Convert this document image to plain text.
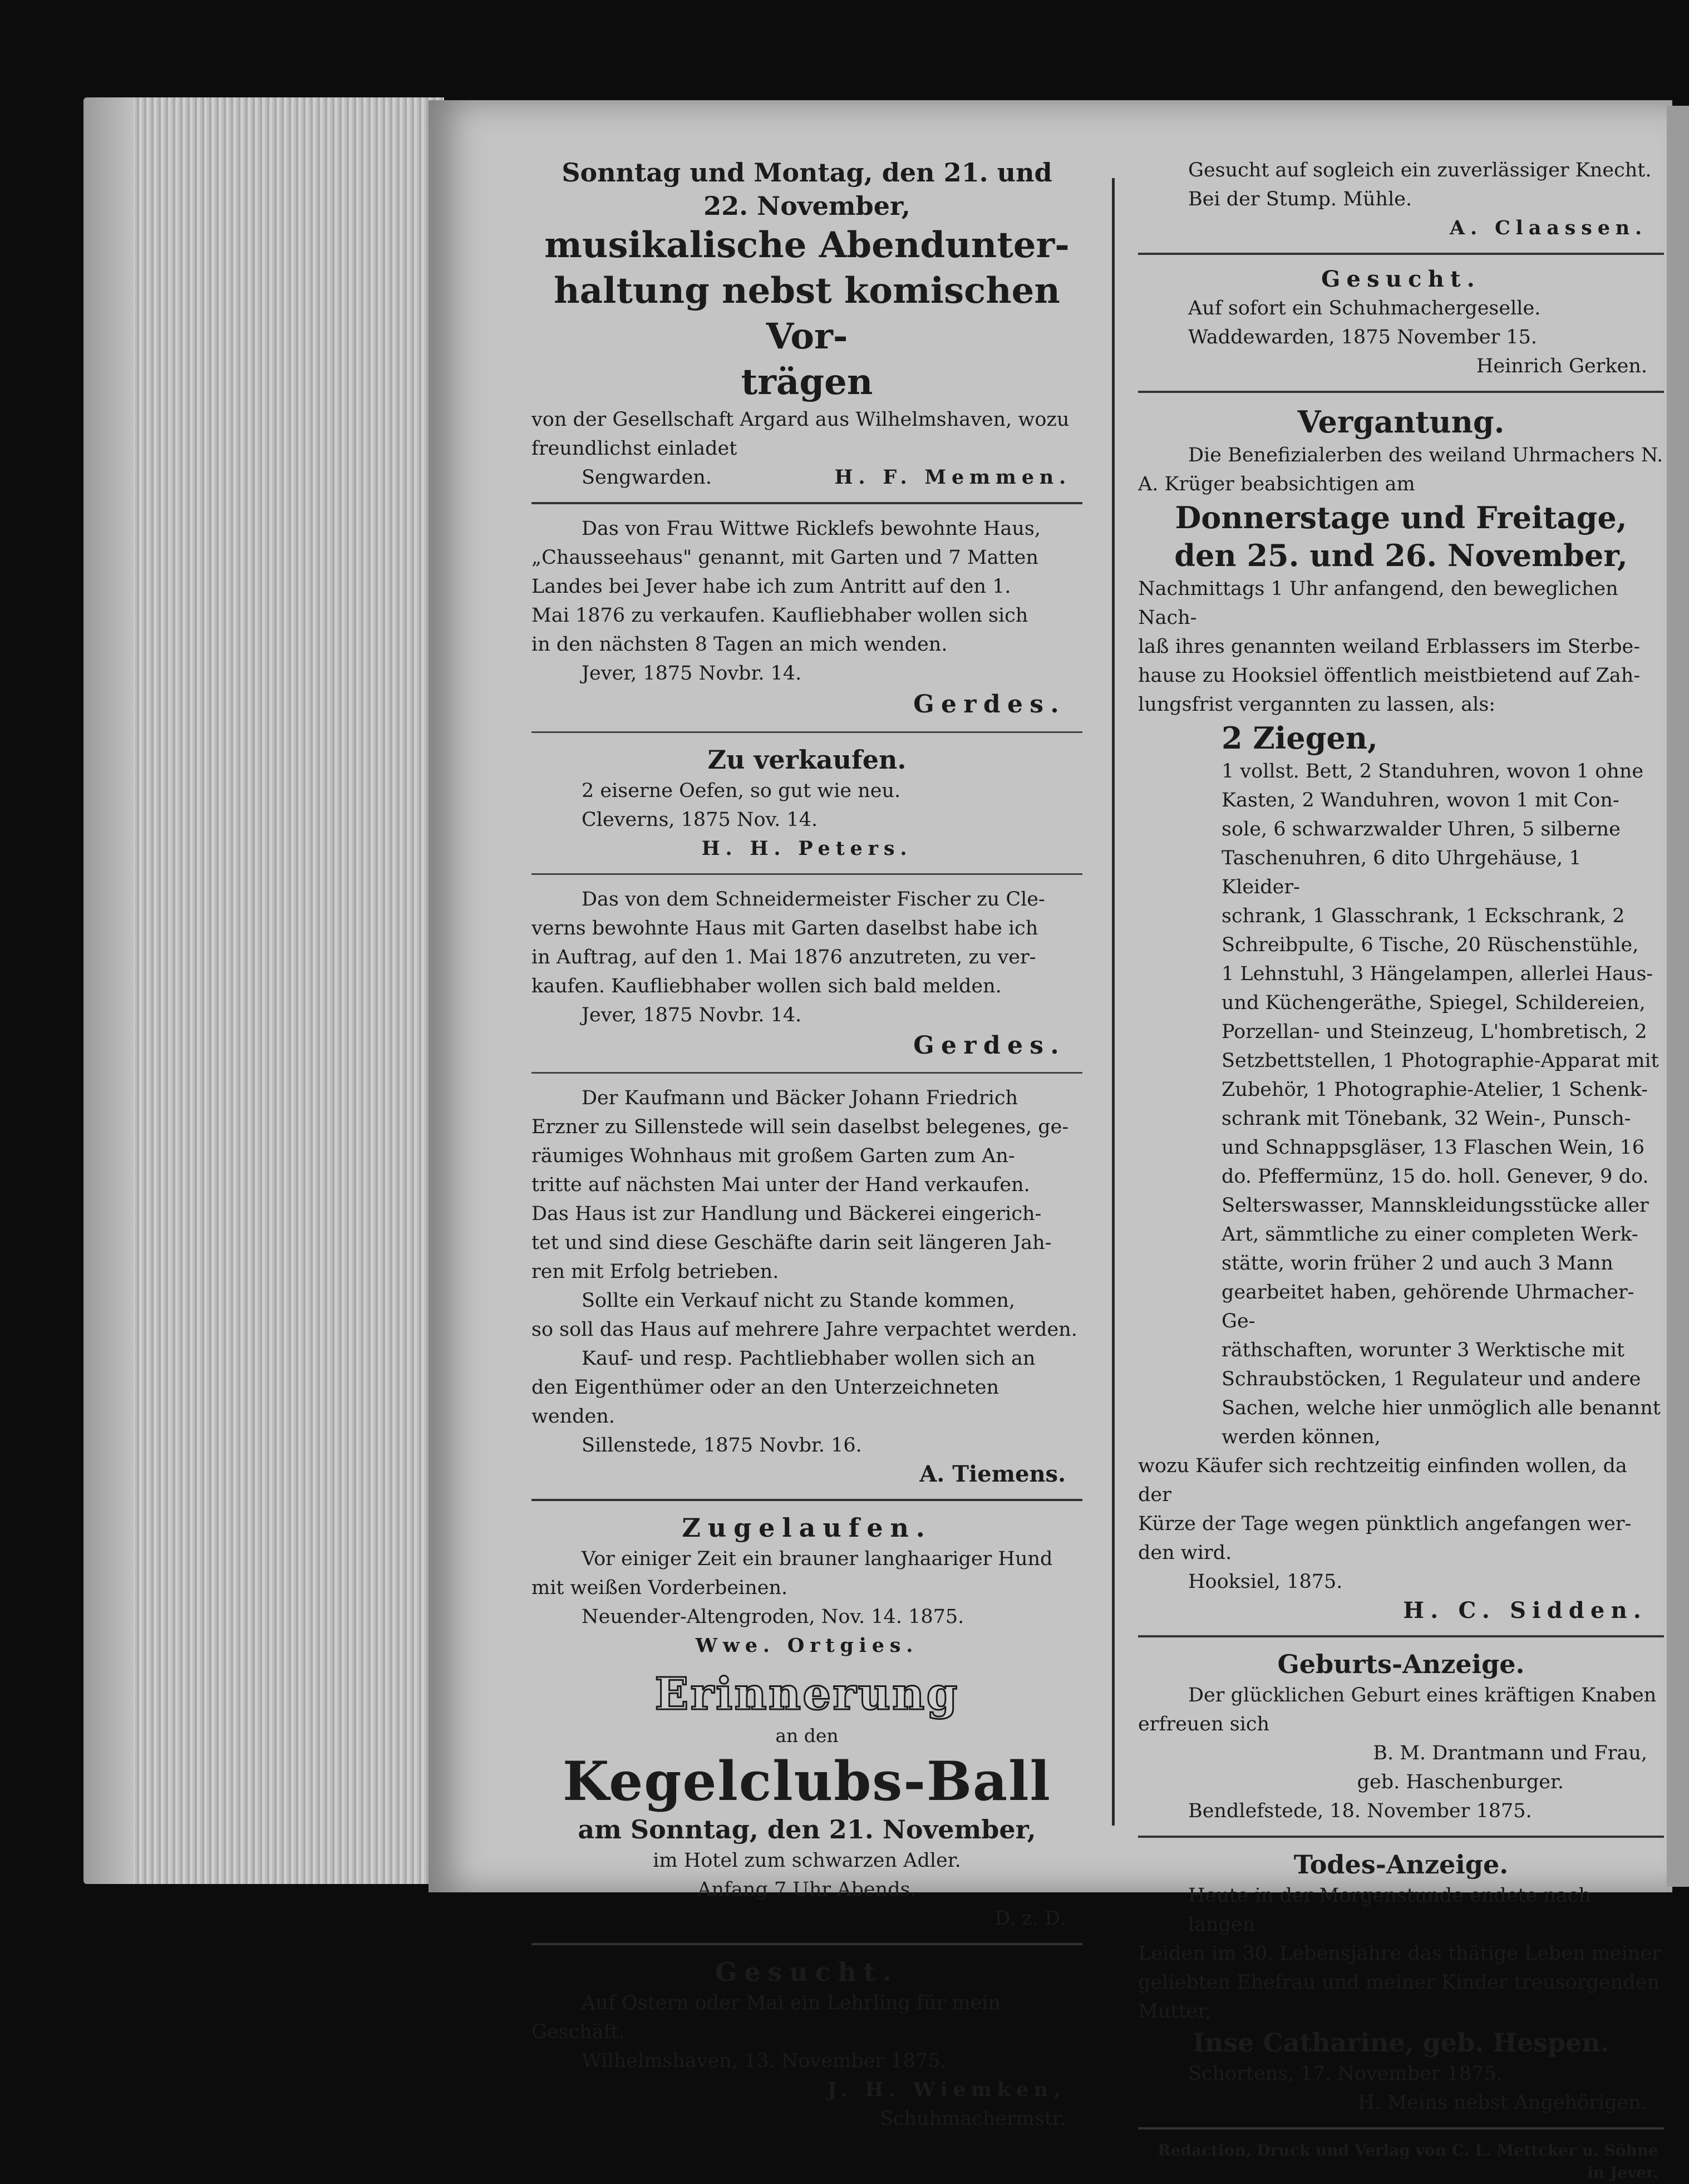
Sonntag und Montag, den 21. und

22. November,

musikalische Abendunter-

haltung nebst komischen Vor-

trägen

von der Gesellschaft Argard aus Wilhelmshaven, wozu

freundlichst einladet

Sengwarden.	H. F. Memmen.

Das von Frau Wittwe Ricklefs bewohnte Haus,

„Chausseehaus" genannt, mit Garten und 7 Matten

Landes bei Jever habe ich zum Antritt auf den 1.

Mai 1876 zu verkaufen. Kaufliebhaber wollen sich

in den nächsten 8 Tagen an mich wenden.

Jever, 1875 Novbr. 14.

Gerdes.

Zu verkaufen.

2 eiserne Oefen, so gut wie neu.

Cleverns, 1875 Nov. 14.

H. H. Peters.

Das von dem Schneidermeister Fischer zu Cle-

verns bewohnte Haus mit Garten daselbst habe ich

in Auftrag, auf den 1. Mai 1876 anzutreten, zu ver-

kaufen. Kaufliebhaber wollen sich bald melden.

Jever, 1875 Novbr. 14.

Gerdes.

Der Kaufmann und Bäcker Johann Friedrich

Erzner zu Sillenstede will sein daselbst belegenes, ge-

räumiges Wohnhaus mit großem Garten zum An-

tritte auf nächsten Mai unter der Hand verkaufen.

Das Haus ist zur Handlung und Bäckerei eingerich-

tet und sind diese Geschäfte darin seit längeren Jah-

ren mit Erfolg betrieben.

Sollte ein Verkauf nicht zu Stande kommen,

so soll das Haus auf mehrere Jahre verpachtet werden.

Kauf- und resp. Pachtliebhaber wollen sich an

den Eigenthümer oder an den Unterzeichneten wenden.

Sillenstede, 1875 Novbr. 16.

A. Tiemens.

Zugelaufen.

Vor einiger Zeit ein brauner langhaariger Hund

mit weißen Vorderbeinen.

Neuender-Altengroden, Nov. 14. 1875.

Wwe. Ortgies.

Erinnerung

an den

Kegelclubs-Ball

am Sonntag, den 21. November,

im Hotel zum schwarzen Adler.

Anfang 7 Uhr Abends.

D. z. D.

Gesucht.

Auf Ostern oder Mai ein Lehrling für mein

Geschäft.

Wilhelmshaven, 13. November 1875.

J. H. Wiemken,

Schuhmachermstr.

Gesucht auf sogleich ein zuverlässiger Knecht.

Bei der Stump. Mühle.

A. Claassen.

Gesucht.

Auf sofort ein Schuhmachergeselle.

Waddewarden, 1875 November 15.

Heinrich Gerken.

Vergantung.

Die Benefizialerben des weiland Uhrmachers N.

A. Krüger beabsichtigen am

Donnerstage und Freitage,

den 25. und 26. November,

Nachmittags 1 Uhr anfangend, den beweglichen Nach-

laß ihres genannten weiland Erblassers im Sterbe-

hause zu Hooksiel öffentlich meistbietend auf Zah-

lungsfrist vergannten zu lassen, als:

2 Ziegen,

1 vollst. Bett, 2 Standuhren, wovon 1 ohne

Kasten, 2 Wanduhren, wovon 1 mit Con-

sole, 6 schwarzwalder Uhren, 5 silberne

Taschenuhren, 6 dito Uhrgehäuse, 1 Kleider-

schrank, 1 Glasschrank, 1 Eckschrank, 2

Schreibpulte, 6 Tische, 20 Rüschenstühle,

1 Lehnstuhl, 3 Hängelampen, allerlei Haus-

und Küchengeräthe, Spiegel, Schildereien,

Porzellan- und Steinzeug, L'hombretisch, 2

Setzbettstellen, 1 Photographie-Apparat mit

Zubehör, 1 Photographie-Atelier, 1 Schenk-

schrank mit Tönebank, 32 Wein-, Punsch-

und Schnappsgläser, 13 Flaschen Wein, 16

do. Pfeffermünz, 15 do. holl. Genever, 9 do.

Selterswasser, Mannskleidungsstücke aller

Art, sämmtliche zu einer completen Werk-

stätte, worin früher 2 und auch 3 Mann

gearbeitet haben, gehörende Uhrmacher-Ge-

räthschaften, worunter 3 Werktische mit

Schraubstöcken, 1 Regulateur und andere

Sachen, welche hier unmöglich alle benannt

werden können,

wozu Käufer sich rechtzeitig einfinden wollen, da der

Kürze der Tage wegen pünktlich angefangen wer-

den wird.

Hooksiel, 1875.

H. C. Sidden.

Geburts-Anzeige.

Der glücklichen Geburt eines kräftigen Knaben

erfreuen sich

B. M. Drantmann und Frau,

geb. Haschenburger.

Bendlefstede, 18. November 1875.

Todes-Anzeige.

Heute in der Morgenstunde endete nach langen

Leiden im 30. Lebensjahre das thätige Leben meiner

geliebten Ehefrau und meiner Kinder treusorgenden

Mutter,

Inse Catharine, geb. Hespen.

Schortens, 17. November 1875.

H. Meins nebst Angehörigen.

Redaction, Druck und Verlag von C. L. Mettcker u. Söhne in Jever.
